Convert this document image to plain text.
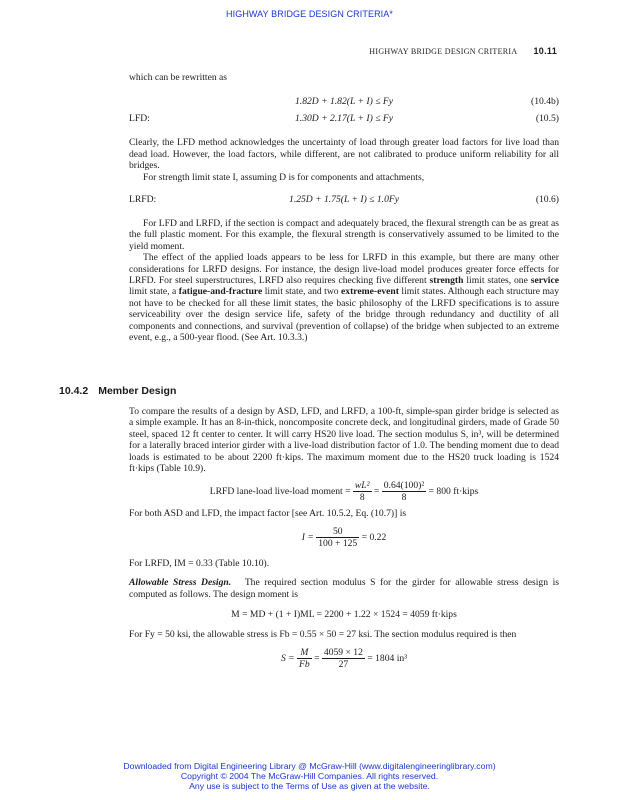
HIGHWAY BRIDGE DESIGN CRITERIA*
HIGHWAY BRIDGE DESIGN CRITERIA 10.11

which can be rewritten as

1.82D + 1.82(L + I) ≤ Fy	(10.4b)
LFD:	1.30D + 2.17(L + I) ≤ Fy	(10.5)

Clearly, the LFD method acknowledges the uncertainty of load through greater load factors for live load than dead load. However, the load factors, while different, are not calibrated to produce uniform reliability for all bridges.

For strength limit state I, assuming D is for components and attachments,

LRFD:	1.25D + 1.75(L + I) ≤ 1.0Fy	(10.6)

For LFD and LRFD, if the section is compact and adequately braced, the flexural strength can be as great as the full plastic moment. For this example, the flexural strength is conservatively assumed to be limited to the yield moment.

The effect of the applied loads appears to be less for LRFD in this example, but there are many other considerations for LRFD designs. For instance, the design live-load model produces greater force effects for LRFD. For steel superstructures, LRFD also requires checking five different strength limit states, one service limit state, a fatigue-and-fracture limit state, and two extreme-event limit states. Although each structure may not have to be checked for all these limit states, the basic philosophy of the LRFD specifications is to assure serviceability over the design service life, safety of the bridge through redundancy and ductility of all components and connections, and survival (prevention of collapse) of the bridge when subjected to an extreme event, e.g., a 500-year flood. (See Art. 10.3.3.)

10.4.2 Member Design

To compare the results of a design by ASD, LFD, and LRFD, a 100-ft, simple-span girder bridge is selected as a simple example. It has an 8-in-thick, noncomposite concrete deck, and longitudinal girders, made of Grade 50 steel, spaced 12 ft center to center. It will carry HS20 live load. The section modulus S, in³, will be determined for a laterally braced interior girder with a live-load distribution factor of 1.0. The bending moment due to dead loads is estimated to be about 2200 ft·kips. The maximum moment due to the HS20 truck loading is 1524 ft·kips (Table 10.9).

LRFD lane-load live-load moment = $\frac{\text{wL²}}{8} = \frac{\text{0.64(100)²}}{8} = 800$ ft·kips

For both ASD and LFD, the impact factor [see Art. 10.5.2, Eq. (10.7)] is

$I = \frac{50}{100 + 125} = 0.22$

For LRFD, IM = 0.33 (Table 10.10).

Allowable Stress Design. The required section modulus S for the girder for allowable stress design is computed as follows. The design moment is

M = MD + (1 + I)ML = 2200 + 1.22 × 1524 = 4059 ft·kips

For Fy = 50 ksi, the allowable stress is Fb = 0.55 × 50 = 27 ksi. The section modulus required is then

$S = \frac{M}{Fb} = \frac{4059 \times 12}{27} = 1804$ in³
Downloaded from Digital Engineering Library @ McGraw-Hill (www.digitalengineeringlibrary.com)
Copyright © 2004 The McGraw-Hill Companies. All rights reserved.
Any use is subject to the Terms of Use as given at the website.
